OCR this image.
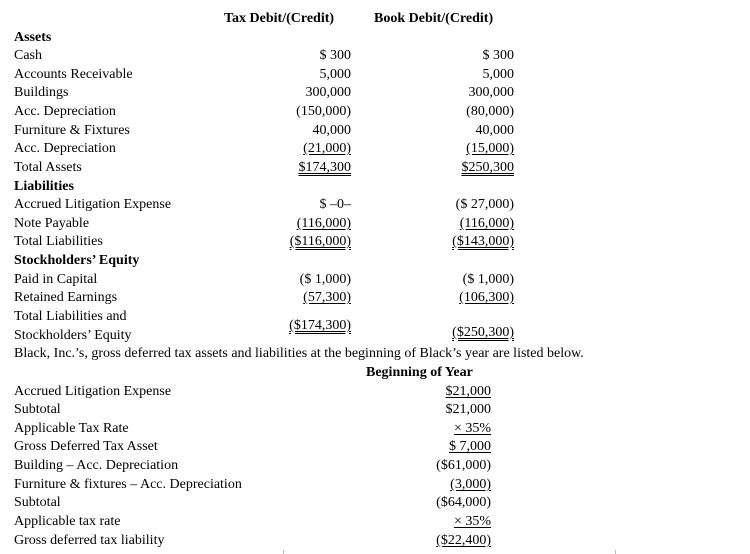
Tax Debit/(Credit)	Book Debit/(Credit)
Assets
Cash	$ 300	$ 300
Accounts Receivable	5,000	5,000
Buildings	300,000	300,000
Acc. Depreciation	(150,000)	(80,000)
Furniture & Fixtures	40,000	40,000
Acc. Depreciation	(21,000)	(15,000)
Total Assets	$174,300	$250,300
Liabilities
Accrued Litigation Expense	$ –0–	($ 27,000)
Note Payable	(116,000)	(116,000)
Total Liabilities	($116,000)	($143,000)
Stockholders’ Equity
Paid in Capital	($ 1,000)	($ 1,000)
Retained Earnings	(57,300)	(106,300)
Total Liabilities and
Stockholders’ Equity
($174,300)	($250,300)
Black, Inc.’s, gross deferred tax assets and liabilities at the beginning of Black’s year are listed below.
Beginning of Year
Accrued Litigation Expense	$21,000
Subtotal	$21,000
Applicable Tax Rate	× 35%
Gross Deferred Tax Asset	$ 7,000
Building – Acc. Depreciation	($61,000)
Furniture & fixtures – Acc. Depreciation	(3,000)
Subtotal	($64,000)
Applicable tax rate	× 35%
Gross deferred tax liability	($22,400)
